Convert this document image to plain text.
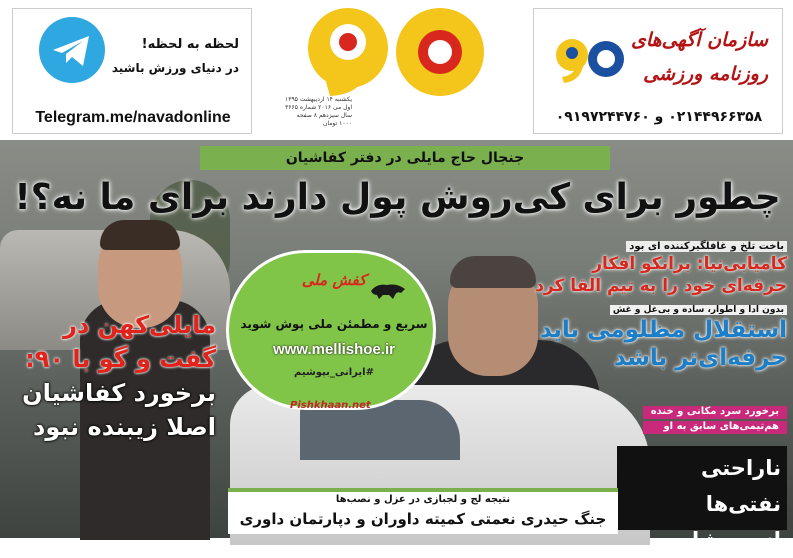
لحظه به لحظه!
در دنیای ورزش باشید
Telegram.me/navadonline
یکشنبه ۱۴ اردیبهشت ۱۳۹۵
اول می ۲۰۱۶ شماره ۳۶۶۵
سال سیزدهم ۸ صفحه
۱۰۰۰ تومان
سازمان آگهی‌های
روزنامه ورزشی
۰۲۱۴۴۹۶۶۳۵۸ و ۰۹۱۹۷۲۴۴۷۶۰
جنجال حاج مایلی در دفتر کفاشیان
چطور برای کی‌روش پول دارند برای ما نه؟!
باخت تلخ و غافلگیرکننده ای بود
کامیابی‌نیا: برانکو افکار
حرفه‌ای خود را به تیم القا کرد
بدون ادا و اطوار، ساده و بی‌غل و غش
استقلال مظلومی باید
حرفه‌ای‌تر باشد
برخورد سرد مکانی و خنده
هم‌تیمی‌های سابق به او
ناراحتی نفتی‌ها
از سوشا
مایلی‌کهن در
گفت و گو با ۹۰:
برخورد کفاشیان
اصلا زیبنده نبود
کفش ملی
سریع و مطمئن ملی پوش شوید
www.mellishoe.ir
#ایرانی_بپوشیم
Pishkhaan.net
نتیجه لج و لجبازی در عزل و نصب‌ها
جنگ حیدری نعمتی کمیته داوران و دپارتمان داوری
